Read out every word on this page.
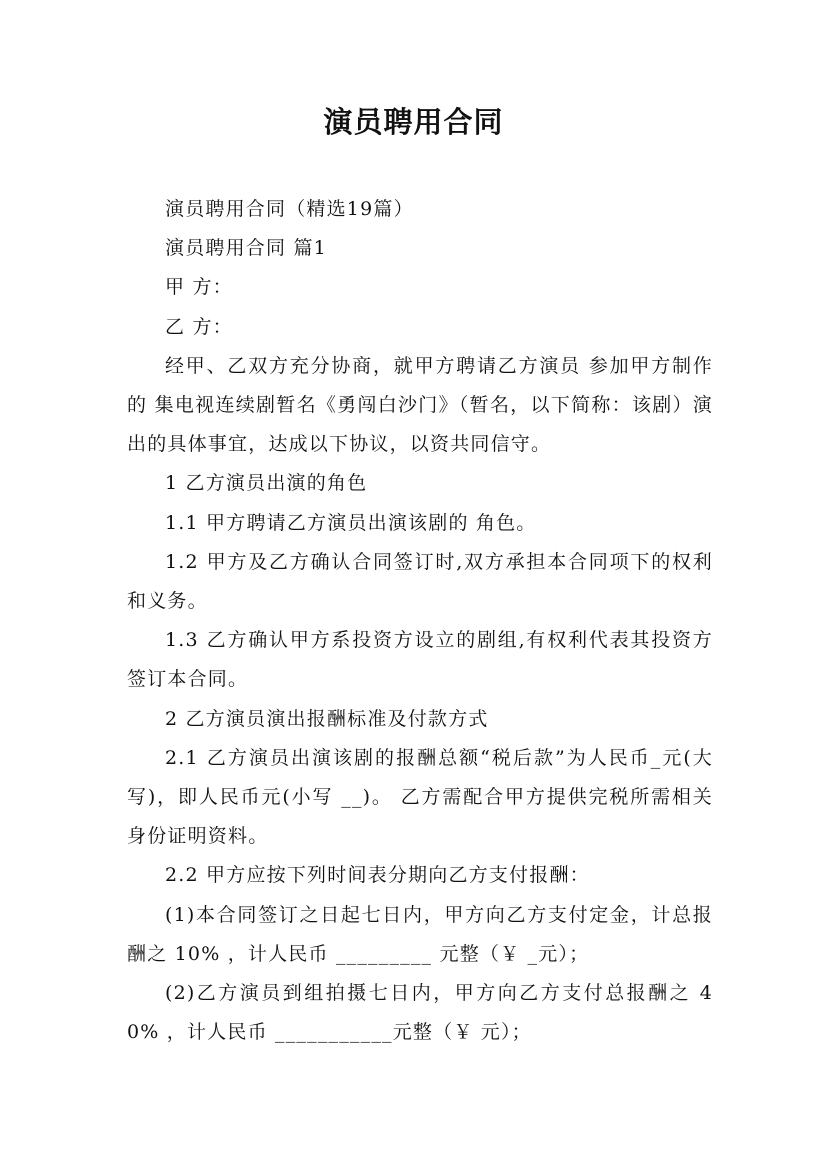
演员聘用合同

演员聘用合同（精选19篇）

演员聘用合同 篇1

甲 方：

乙 方：

经甲、乙双方充分协商，就甲方聘请乙方演员 参加甲方制作的 集电视连续剧暂名《勇闯白沙门》（暂名，以下简称：该剧）演出的具体事宜，达成以下协议，以资共同信守。

1 乙方演员出演的角色

1.1 甲方聘请乙方演员出演该剧的 角色。

1.2 甲方及乙方确认合同签订时,双方承担本合同项下的权利和义务。

1.3 乙方确认甲方系投资方设立的剧组,有权利代表其投资方签订本合同。

2 乙方演员演出报酬标准及付款方式

2.1 乙方演员出演该剧的报酬总额“税后款”为人民币_元(大写)，即人民币元(小写 __)。 乙方需配合甲方提供完税所需相关身份证明资料。

2.2 甲方应按下列时间表分期向乙方支付报酬：

(1)本合同签订之日起七日内，甲方向乙方支付定金，计总报酬之 10% ，计人民币 _________ 元整（￥ _元）；

(2)乙方演员到组拍摄七日内，甲方向乙方支付总报酬之 40% ，计人民币 ___________元整（￥ 元）；
